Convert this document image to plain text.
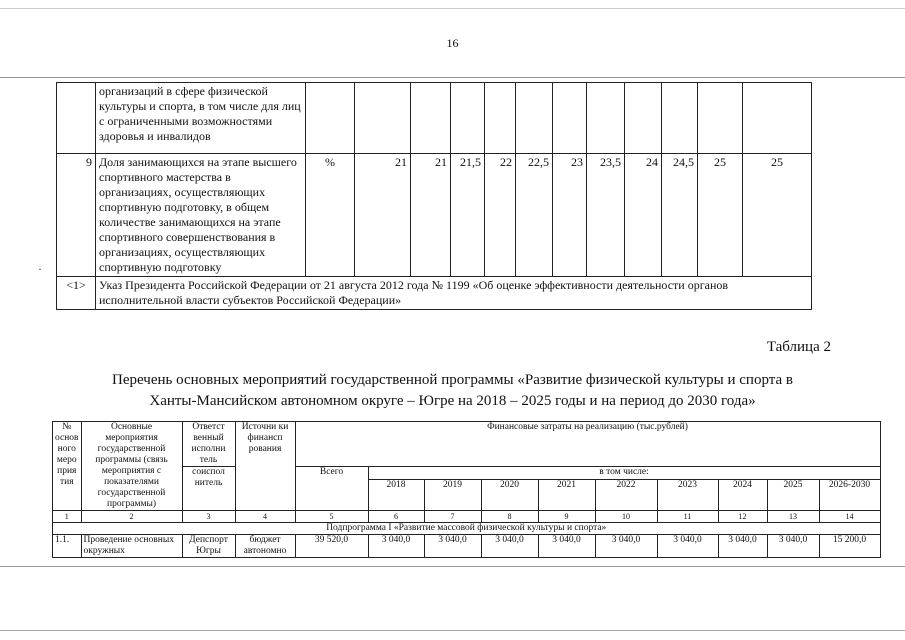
16
	организаций в сфере физической культуры и спорта, в том числе для лиц с ограниченными возможностями здоровья и инвалидов												
9	Доля занимающихся на этапе высшего спортивного мастерства в организациях, осуществляющих спортивную подготовку, в общем количестве занимающихся на этапе спортивного совершенствования в организациях, осуществляющих спортивную подготовку	%	21	21	21,5	22	22,5	23	23,5	24	24,5	25	25
<1>	Указ Президента Российской Федерации от 21 августа 2012 года № 1199 «Об оценке эффективности деятельности органов исполнительной власти субъектов Российской Федерации»												
·
Таблица 2
Перечень основных мероприятий государственной программы «Развитие физической культуры и спорта в
Ханты-Мансийском автономном округе – Югре на 2018 – 2025 годы и на период до 2030 года»
№ основ ного меро прия тия	Основные мероприятия государственной программы (связь мероприятия с показателями государственной программы)	Ответст венный исполни тель	Источни ки финансп рования	Финансовые затраты на реализацию (тыс.рублей)									
		соиспол нитель		Всего	в том числе:								
					2018	2019	2020	2021	2022	2023	2024	2025	2026-2030
1	2	3	4	5	6	7	8	9	10	11	12	13	14
Подпрограмма I «Развитие массовой физической культуры и спорта»													
1.1.	Проведение основных окружных	Депспорт Югры	бюджет автономно	39 520,0	3 040,0	3 040,0	3 040,0	3 040,0	3 040,0	3 040,0	3 040,0	3 040,0	15 200,0
